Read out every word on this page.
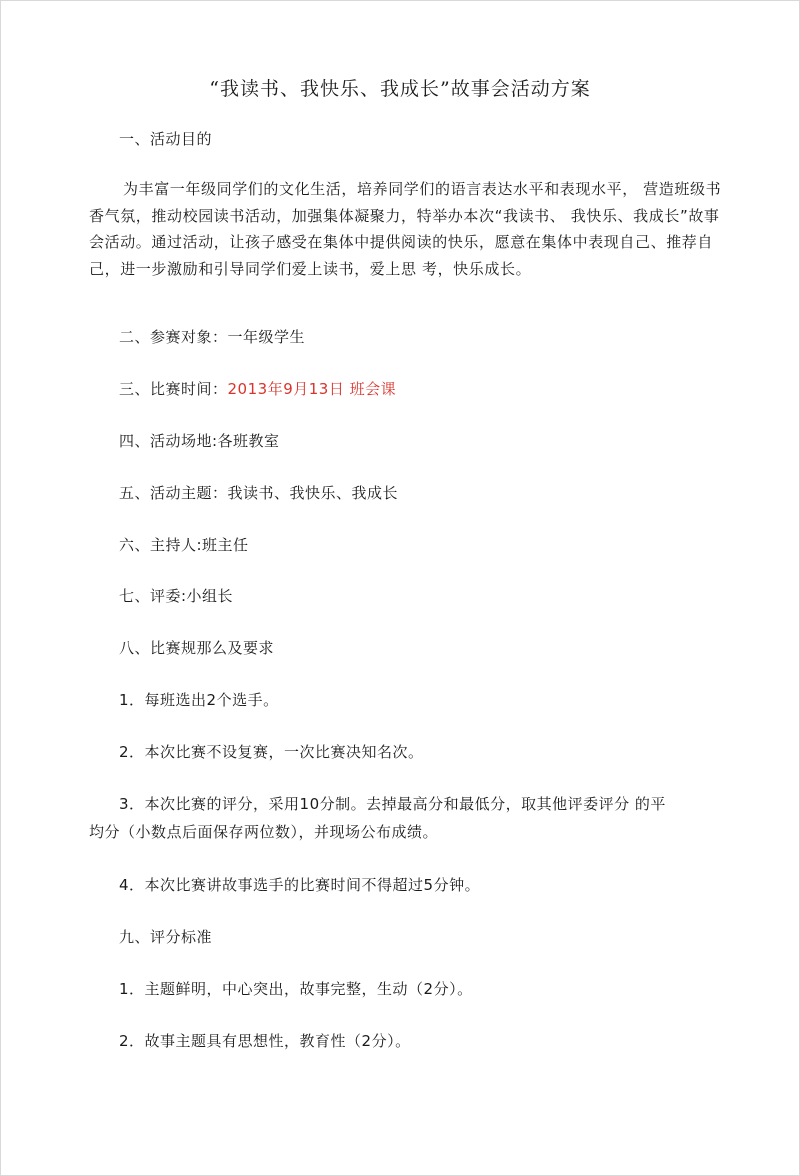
“我读书、我快乐、我成长”故事会活动方案
一、活动目的
为丰富一年级同学们的文化生活，培养同学们的语言表达水平和表现水平， 营造班级书香气氛，推动校园读书活动，加强集体凝聚力，特举办本次“我读书、 我快乐、我成长”故事会活动。通过活动，让孩子感受在集体中提供阅读的快乐，愿意在集体中表现自己、推荐自己，进一步激励和引导同学们爱上读书，爱上思 考，快乐成长。
二、参赛对象：一年级学生
三、比赛时间：2013年9月13日 班会课
四、活动场地:各班教室
五、活动主题：我读书、我快乐、我成长
六、主持人:班主任
七、评委:小组长
八、比赛规那么及要求
1．每班选出2个选手。
2．本次比赛不设复赛，一次比赛决知名次。
3．本次比赛的评分，采用10分制。去掉最高分和最低分，取其他评委评分 的平
均分（小数点后面保存两位数），并现场公布成绩。
4．本次比赛讲故事选手的比赛时间不得超过5分钟。
九、评分标准
1．主题鲜明，中心突出，故事完整，生动（2分）。
2．故事主题具有思想性，教育性（2分）。
